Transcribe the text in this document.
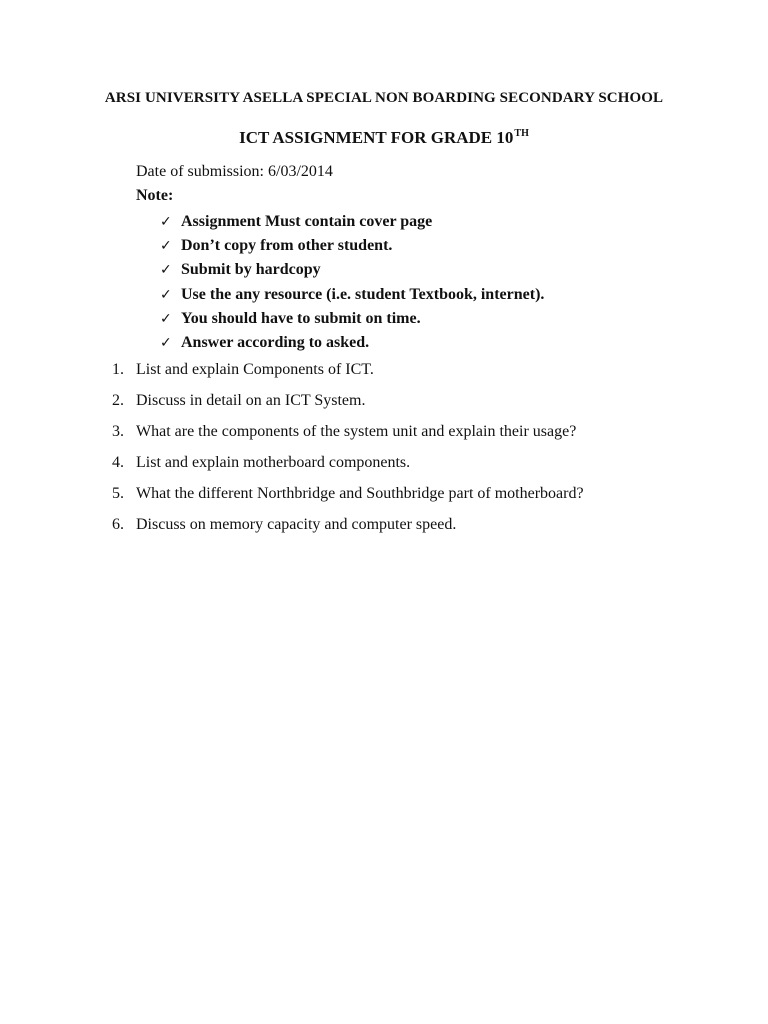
ARSI UNIVERSITY ASELLA SPECIAL NON BOARDING SECONDARY SCHOOL
ICT ASSIGNMENT FOR GRADE 10TH
Date of submission: 6/03/2014
Note:
✓ Assignment Must contain cover page
✓ Don’t copy from other student.
✓ Submit by hardcopy
✓ Use the any resource (i.e. student Textbook, internet).
✓ You should have to submit on time.
✓ Answer according to asked.
1. List and explain Components of ICT.
2. Discuss in detail on an ICT System.
3. What are the components of the system unit and explain their usage?
4. List and explain motherboard components.
5. What the different Northbridge and Southbridge part of motherboard?
6. Discuss on memory capacity and computer speed.
